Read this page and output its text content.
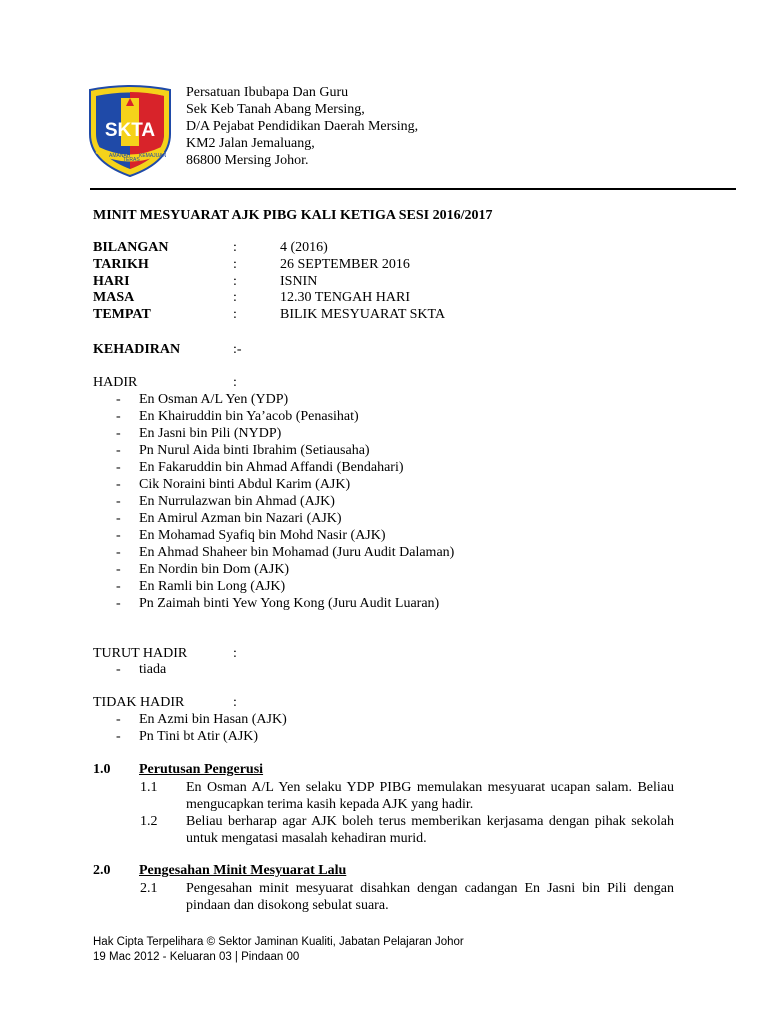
SKTA
AMANAH
TERAS
KEMAJUAN
Persatuan Ibubapa Dan Guru
Sek Keb Tanah Abang Mersing,
D/A Pejabat Pendidikan Daerah Mersing,
KM2 Jalan Jemaluang,
86800 Mersing Johor.
MINIT MESYUARAT AJK PIBG KALI KETIGA SESI 2016/2017
BILANGAN	:	4 (2016)
TARIKH	:	26 SEPTEMBER 2016
HARI	:	ISNIN
MASA	:	12.30 TENGAH HARI
TEMPAT	:	BILIK MESYUARAT SKTA
KEHADIRAN	:-
HADIR	:
- En Osman A/L Yen (YDP)
- En Khairuddin bin Ya’acob (Penasihat)
- En Jasni bin Pili (NYDP)
- Pn Nurul Aida binti Ibrahim (Setiausaha)
- En Fakaruddin bin Ahmad Affandi (Bendahari)
- Cik Noraini binti Abdul Karim (AJK)
- En Nurrulazwan bin Ahmad (AJK)
- En Amirul Azman bin Nazari (AJK)
- En Mohamad Syafiq bin Mohd Nasir (AJK)
- En Ahmad Shaheer bin Mohamad (Juru Audit Dalaman)
- En Nordin bin Dom (AJK)
- En Ramli bin Long (AJK)
- Pn Zaimah binti Yew Yong Kong (Juru Audit Luaran)
TURUT HADIR	:
- tiada
TIDAK HADIR	:
- En Azmi bin Hasan (AJK)
- Pn Tini bt Atir (AJK)
1.0 Perutusan Pengerusi
1.1 En Osman A/L Yen selaku YDP PIBG memulakan mesyuarat ucapan salam. Beliau mengucapkan terima kasih kepada AJK yang hadir.
1.2 Beliau berharap agar AJK boleh terus memberikan kerjasama dengan pihak sekolah untuk mengatasi masalah kehadiran murid.
2.0 Pengesahan Minit Mesyuarat Lalu
2.1 Pengesahan minit mesyuarat disahkan dengan cadangan En Jasni bin Pili dengan pindaan dan disokong sebulat suara.
Hak Cipta Terpelihara © Sektor Jaminan Kualiti, Jabatan Pelajaran Johor
19 Mac 2012 - Keluaran 03 | Pindaan 00
